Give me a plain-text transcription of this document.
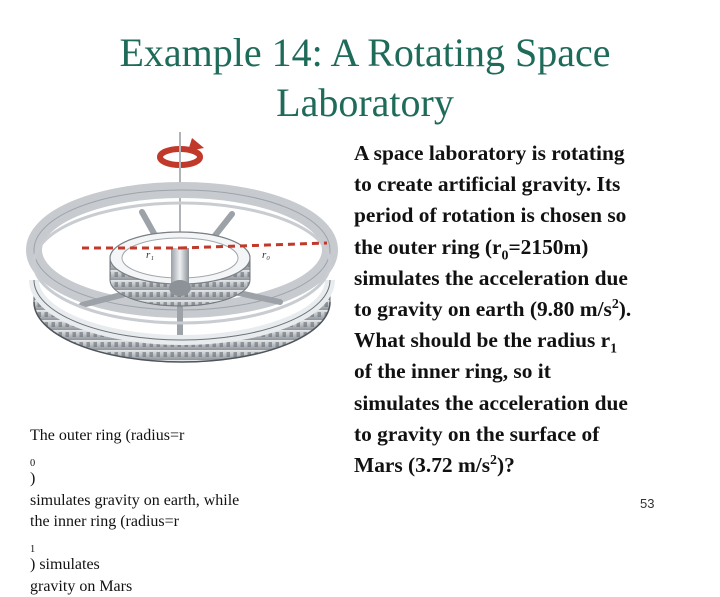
Example 14: A Rotating Space
Laboratory
r₁	r₀
The outer ring (radius=r
$_0$
)
simulates gravity on earth, while
the inner ring (radius=r
$_1$
) simulates
gravity on Mars
A space laboratory is rotating
to create artificial gravity. Its
period of rotation is chosen so
the outer ring $(r_0=2150m)$
simulates the acceleration due
to gravity on earth (9.80 $m/s^2$).
What should be the radius $r_1$
of the inner ring, so it
simulates the acceleration due
to gravity on the surface of
Mars (3.72 $m/s^2$)?
53
